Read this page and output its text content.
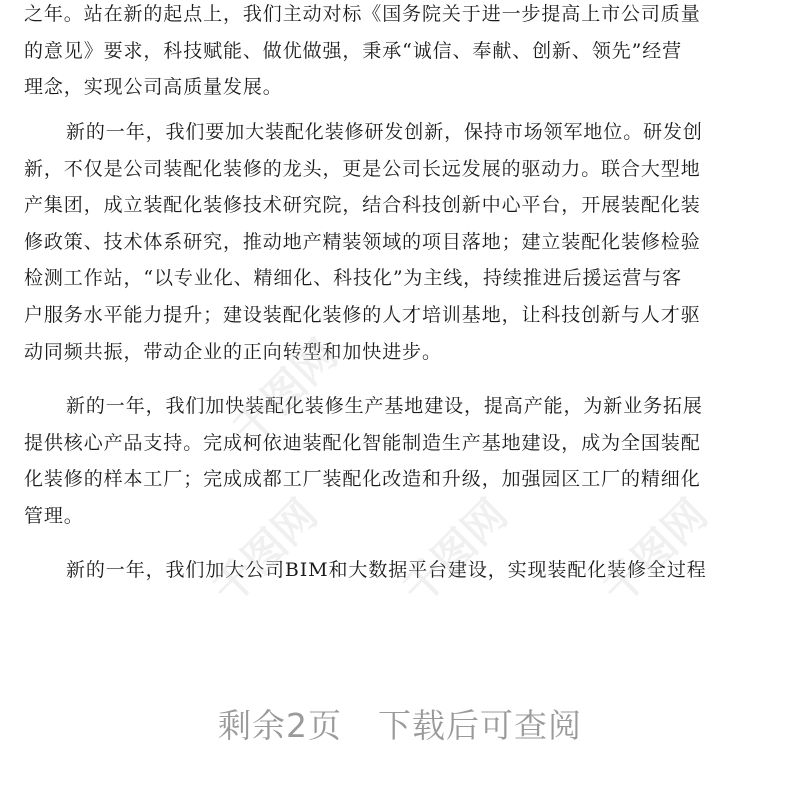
之年。站在新的起点上，我们主动对标《国务院关于进一步提高上市公司质量
的意见》要求，科技赋能、做优做强，秉承“诚信、奉献、创新、领先”经营
理念，实现公司高质量发展。

新的一年，我们要加大装配化装修研发创新，保持市场领军地位。研发创
新，不仅是公司装配化装修的龙头，更是公司长远发展的驱动力。联合大型地
产集团，成立装配化装修技术研究院，结合科技创新中心平台，开展装配化装
修政策、技术体系研究，推动地产精装领域的项目落地；建立装配化装修检验
检测工作站，“以专业化、精细化、科技化”为主线，持续推进后援运营与客
户服务水平能力提升；建设装配化装修的人才培训基地，让科技创新与人才驱
动同频共振，带动企业的正向转型和加快进步。

新的一年，我们加快装配化装修生产基地建设，提高产能，为新业务拓展
提供核心产品支持。完成柯依迪装配化智能制造生产基地建设，成为全国装配
化装修的样本工厂；完成成都工厂装配化改造和升级，加强园区工厂的精细化
管理。

新的一年，我们加大公司BIM和大数据平台建设，实现装配化装修全过程

千图网
千图网 千图网 千图网
剩余2页 下载后可查阅
